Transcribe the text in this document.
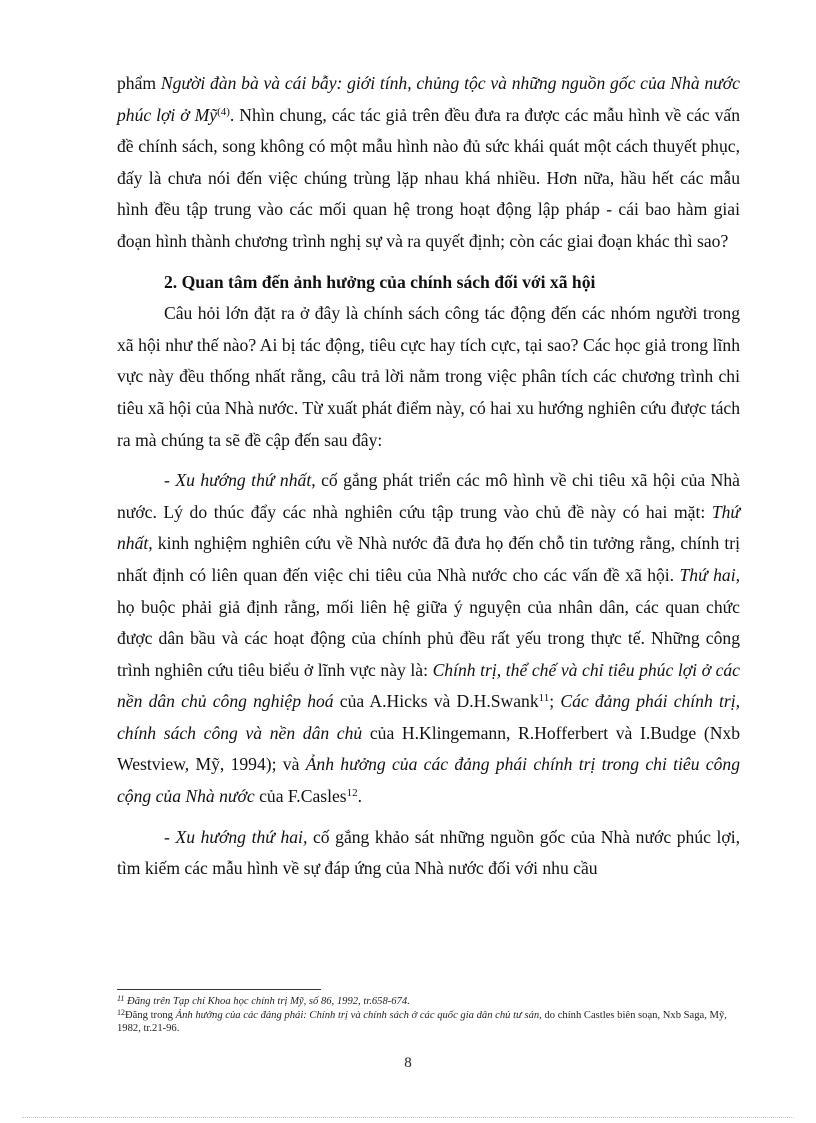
phẩm Người đàn bà và cái bẫy: giới tính, chủng tộc và những nguồn gốc của Nhà nước phúc lợi ở Mỹ$^{(4)}$. Nhìn chung, các tác giả trên đều đưa ra được các mẫu hình về các vấn đề chính sách, song không có một mẫu hình nào đủ sức khái quát một cách thuyết phục, đấy là chưa nói đến việc chúng trùng lặp nhau khá nhiều. Hơn nữa, hầu hết các mẫu hình đều tập trung vào các mối quan hệ trong hoạt động lập pháp - cái bao hàm giai đoạn hình thành chương trình nghị sự và ra quyết định; còn các giai đoạn khác thì sao?

2. Quan tâm đến ảnh hưởng của chính sách đối với xã hội

Câu hỏi lớn đặt ra ở đây là chính sách công tác động đến các nhóm người trong xã hội như thế nào? Ai bị tác động, tiêu cực hay tích cực, tại sao? Các học giả trong lĩnh vực này đều thống nhất rằng, câu trả lời nằm trong việc phân tích các chương trình chi tiêu xã hội của Nhà nước. Từ xuất phát điểm này, có hai xu hướng nghiên cứu được tách ra mà chúng ta sẽ đề cập đến sau đây:

- Xu hướng thứ nhất, cố gắng phát triển các mô hình về chi tiêu xã hội của Nhà nước. Lý do thúc đẩy các nhà nghiên cứu tập trung vào chủ đề này có hai mặt: Thứ nhất, kinh nghiệm nghiên cứu về Nhà nước đã đưa họ đến chỗ tin tưởng rằng, chính trị nhất định có liên quan đến việc chi tiêu của Nhà nước cho các vấn đề xã hội. Thứ hai, họ buộc phải giả định rằng, mối liên hệ giữa ý nguyện của nhân dân, các quan chức được dân bầu và các hoạt động của chính phủ đều rất yếu trong thực tế. Những công trình nghiên cứu tiêu biểu ở lĩnh vực này là: Chính trị, thể chế và chỉ tiêu phúc lợi ở các nền dân chủ công nghiệp hoá của A.Hicks và D.H.Swank$^{11}$; Các đảng phái chính trị, chính sách công và nền dân chủ của H.Klingemann, R.Hofferbert và I.Budge (Nxb Westview, Mỹ, 1994); và Ảnh hưởng của các đảng phái chính trị trong chi tiêu công cộng của Nhà nước của F.Casles$^{12}$.

- Xu hướng thứ hai, cố gắng khảo sát những nguồn gốc của Nhà nước phúc lợi, tìm kiếm các mẫu hình về sự đáp ứng của Nhà nước đối với nhu cầu

$^{11}$ Đăng trên Tạp chí Khoa học chính trị Mỹ, số 86, 1992, tr.658-674.

$^{12}$Đăng trong Ảnh hưởng của các đảng phái: Chính trị và chính sách ở các quốc gia dân chủ tư sản, do chính Castles biên soạn, Nxb Saga, Mỹ, 1982, tr.21-96.

8
